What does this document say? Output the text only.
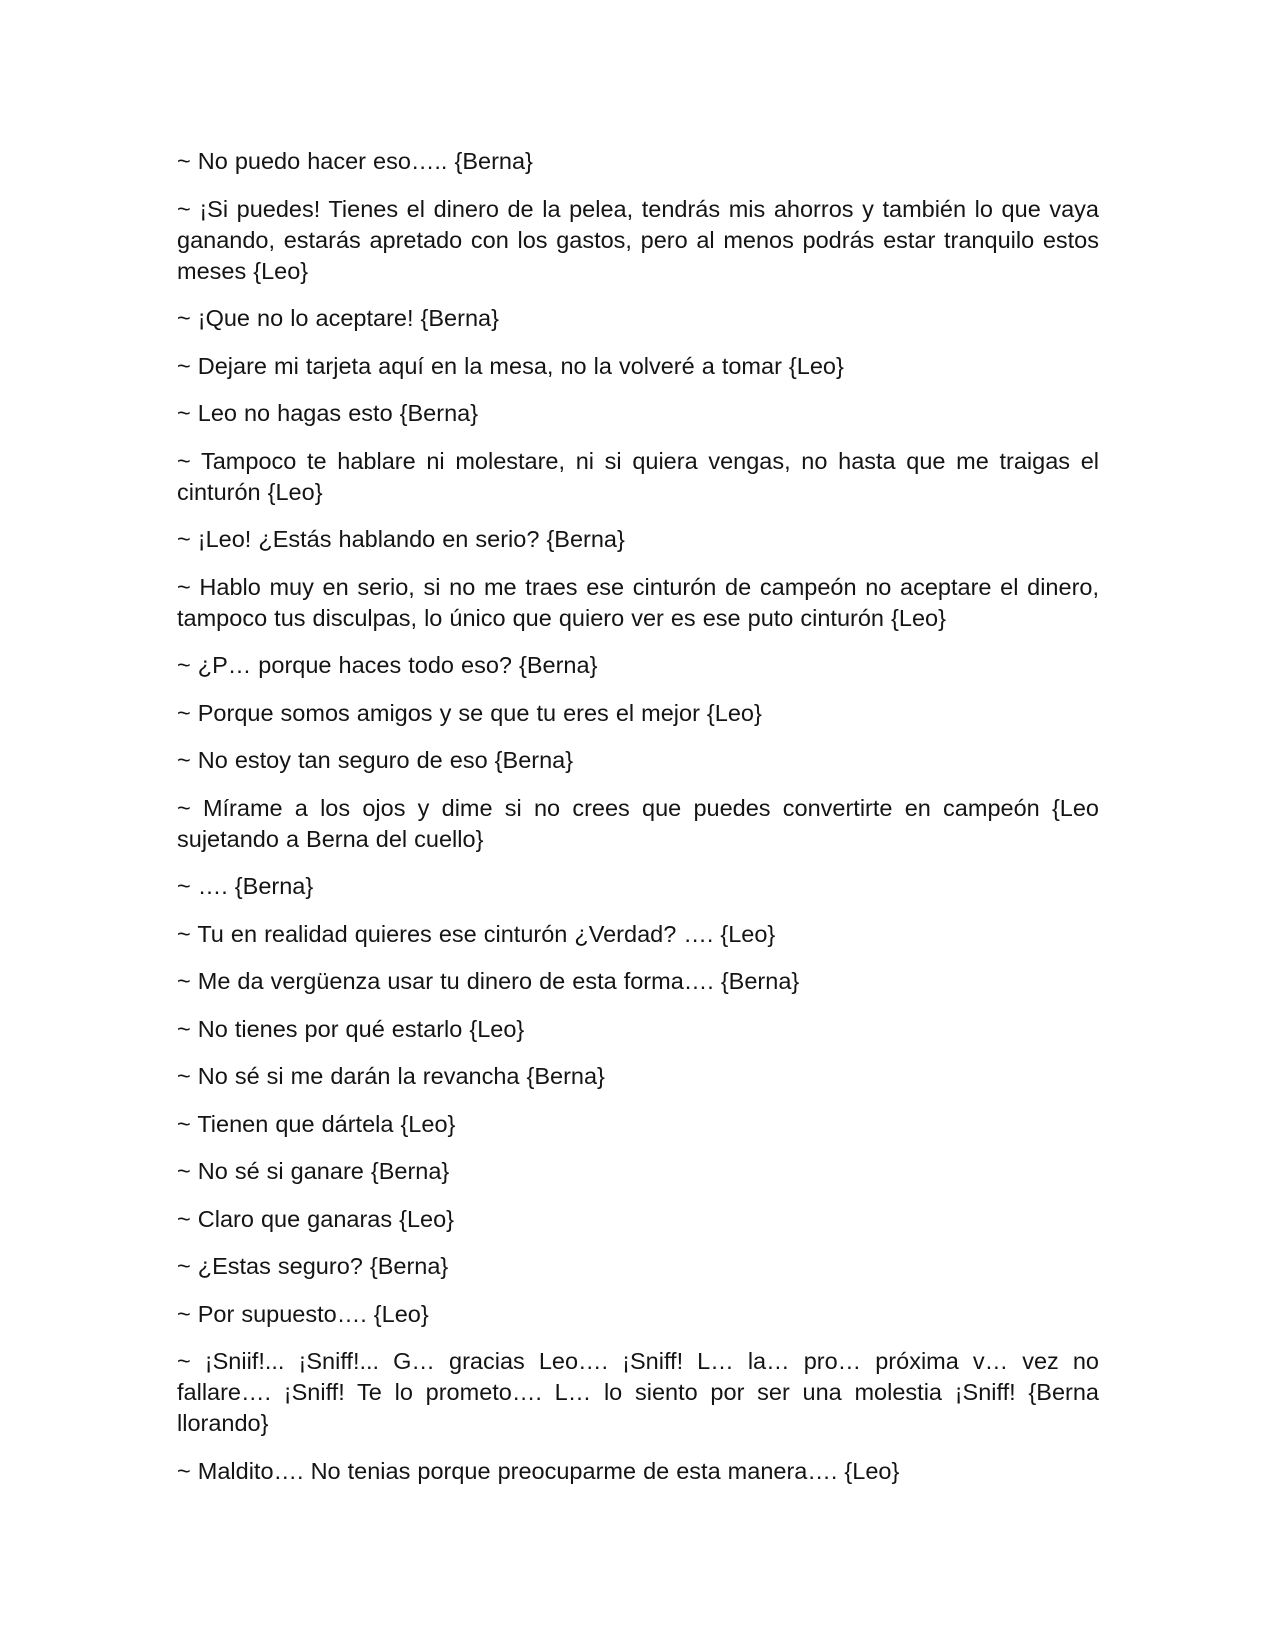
~ No puedo hacer eso….. {Berna}

~ ¡Si puedes! Tienes el dinero de la pelea, tendrás mis ahorros y también lo que vaya ganando, estarás apretado con los gastos, pero al menos podrás estar tranquilo estos meses {Leo}

~ ¡Que no lo aceptare! {Berna}

~ Dejare mi tarjeta aquí en la mesa, no la volveré a tomar {Leo}

~ Leo no hagas esto {Berna}

~ Tampoco te hablare ni molestare, ni si quiera vengas, no hasta que me traigas el cinturón {Leo}

~ ¡Leo! ¿Estás hablando en serio? {Berna}

~ Hablo muy en serio, si no me traes ese cinturón de campeón no aceptare el dinero, tampoco tus disculpas, lo único que quiero ver es ese puto cinturón {Leo}

~ ¿P… porque haces todo eso? {Berna}

~ Porque somos amigos y se que tu eres el mejor {Leo}

~ No estoy tan seguro de eso {Berna}

~ Mírame a los ojos y dime si no crees que puedes convertirte en campeón {Leo sujetando a Berna del cuello}

~ …. {Berna}

~ Tu en realidad quieres ese cinturón ¿Verdad? …. {Leo}

~ Me da vergüenza usar tu dinero de esta forma…. {Berna}

~ No tienes por qué estarlo {Leo}

~ No sé si me darán la revancha {Berna}

~ Tienen que dártela {Leo}

~ No sé si ganare {Berna}

~ Claro que ganaras {Leo}

~ ¿Estas seguro? {Berna}

~ Por supuesto…. {Leo}

~ ¡Sniif!... ¡Sniff!... G… gracias Leo…. ¡Sniff! L… la… pro… próxima v… vez no fallare…. ¡Sniff! Te lo prometo…. L… lo siento por ser una molestia ¡Sniff! {Berna llorando}

~ Maldito…. No tenias porque preocuparme de esta manera…. {Leo}
